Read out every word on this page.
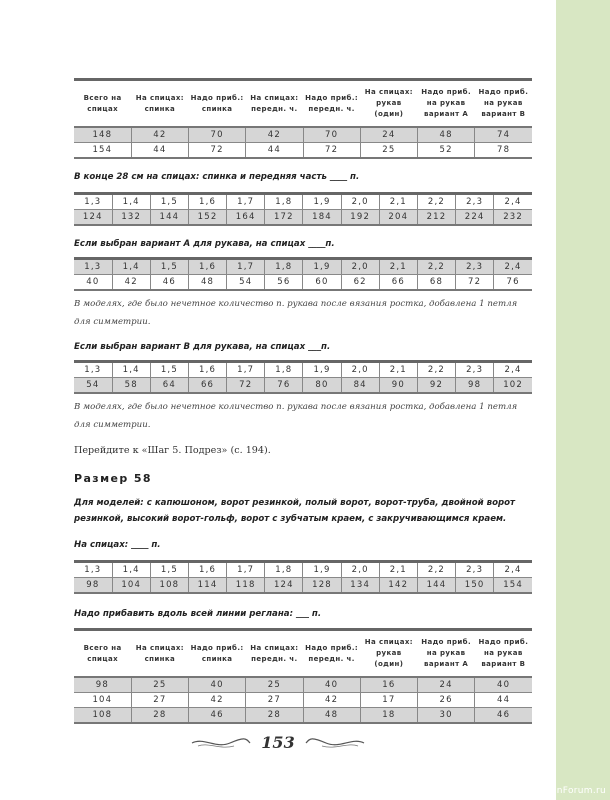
Всего на спицах	На спицах: спинка	Надо приб.: спинка	На спицах: передн. ч.	Надо приб.: передн. ч.	На спицах: рукав (один)	Надо приб. на рукав вариант А	Надо приб. на рукав вариант В
148	42	70	42	70	24	48	74
154	44	72	44	72	25	52	78

В конце 28 см на спицах: спинка и передняя часть ____ п.

1,3	1,4	1,5	1,6	1,7	1,8	1,9	2,0	2,1	2,2	2,3	2,4
124	132	144	152	164	172	184	192	204	212	224	232

Если выбран вариант А для рукава, на спицах ____п.

1,3	1,4	1,5	1,6	1,7	1,8	1,9	2,0	2,1	2,2	2,3	2,4
40	42	46	48	54	56	60	62	66	68	72	76

В моделях, где было нечетное количество п. рукава после вязания ростка, добавлена 1 петля для симметрии.

Если выбран вариант В для рукава, на спицах ___п.

1,3	1,4	1,5	1,6	1,7	1,8	1,9	2,0	2,1	2,2	2,3	2,4
54	58	64	66	72	76	80	84	90	92	98	102

В моделях, где было нечетное количество п. рукава после вязания ростка, добавлена 1 петля для симметрии.

Перейдите к «Шаг 5. Подрез» (с. 194).

Размер 58

Для моделей: с капюшоном, ворот резинкой, полый ворот, ворот-труба, двойной ворот резинкой, высокий ворот-гольф, ворот с зубчатым краем, с закручивающимся краем.

На спицах: ____ п.

1,3	1,4	1,5	1,6	1,7	1,8	1,9	2,0	2,1	2,2	2,3	2,4
98	104	108	114	118	124	128	134	142	144	150	154

Надо прибавить вдоль всей линии реглана: ___ п.

Всего на спицах	На спицах: спинка	Надо приб.: спинка	На спицах: передн. ч.	Надо приб.: передн. ч.	На спицах: рукав (один)	Надо приб. на рукав вариант А	Надо приб. на рукав вариант В
98	25	40	25	40	16	24	40
104	27	42	27	42	17	26	44
108	28	46	28	48	18	30	46
153
PassionForum.ru
